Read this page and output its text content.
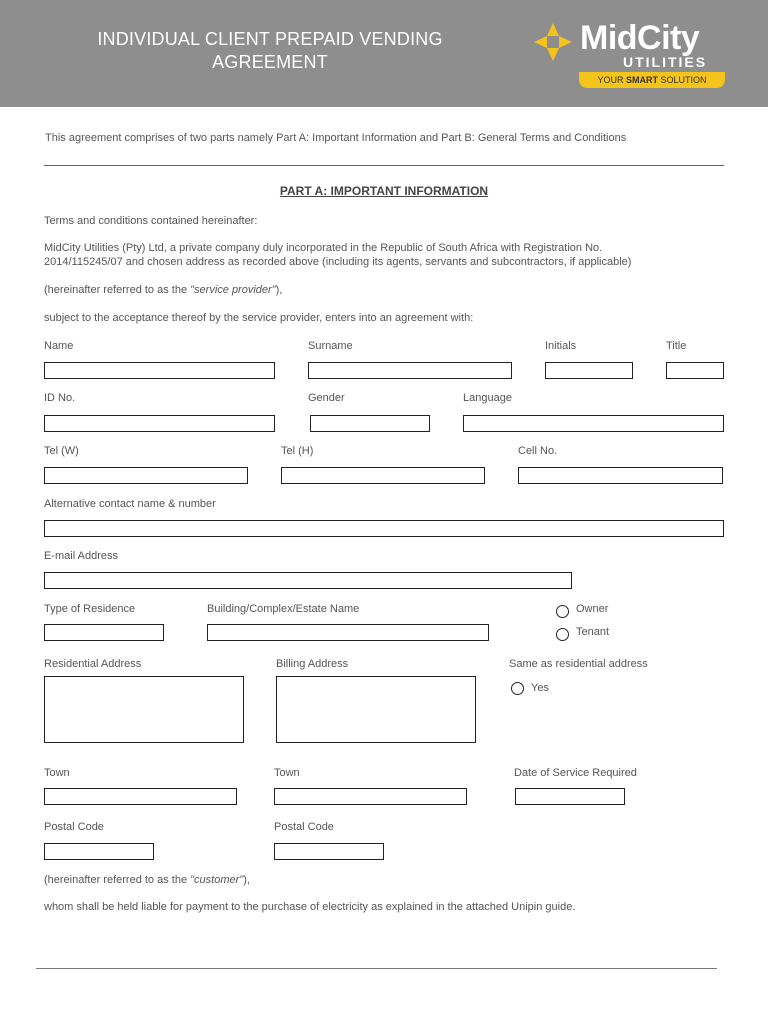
INDIVIDUAL CLIENT PREPAID VENDING
AGREEMENT
MidCity
UTILITIES
YOUR SMART SOLUTION
This agreement comprises of two parts namely Part A: Important Information and Part B: General Terms and Conditions
PART A: IMPORTANT INFORMATION
Terms and conditions contained hereinafter:
MidCity Utilities (Pty) Ltd, a private company duly incorporated in the Republic of South Africa with Registration No.
2014/115245/07 and chosen address as recorded above (including its agents, servants and subcontractors, if applicable)
(hereinafter referred to as the "service provider"),
subject to the acceptance thereof by the service provider, enters into an agreement with:
Name	Surname	Initials	Title
ID No.	Gender	Language
Tel (W)	Tel (H)	Cell No.
Alternative contact name & number
E-mail Address
Type of Residence	Building/Complex/Estate Name	Owner
Tenant
Residential Address	Billing Address	Same as residential address
Yes
Town	Town	Date of Service Required
Postal Code	Postal Code
(hereinafter referred to as the "customer"),
whom shall be held liable for payment to the purchase of electricity as explained in the attached Unipin guide.
